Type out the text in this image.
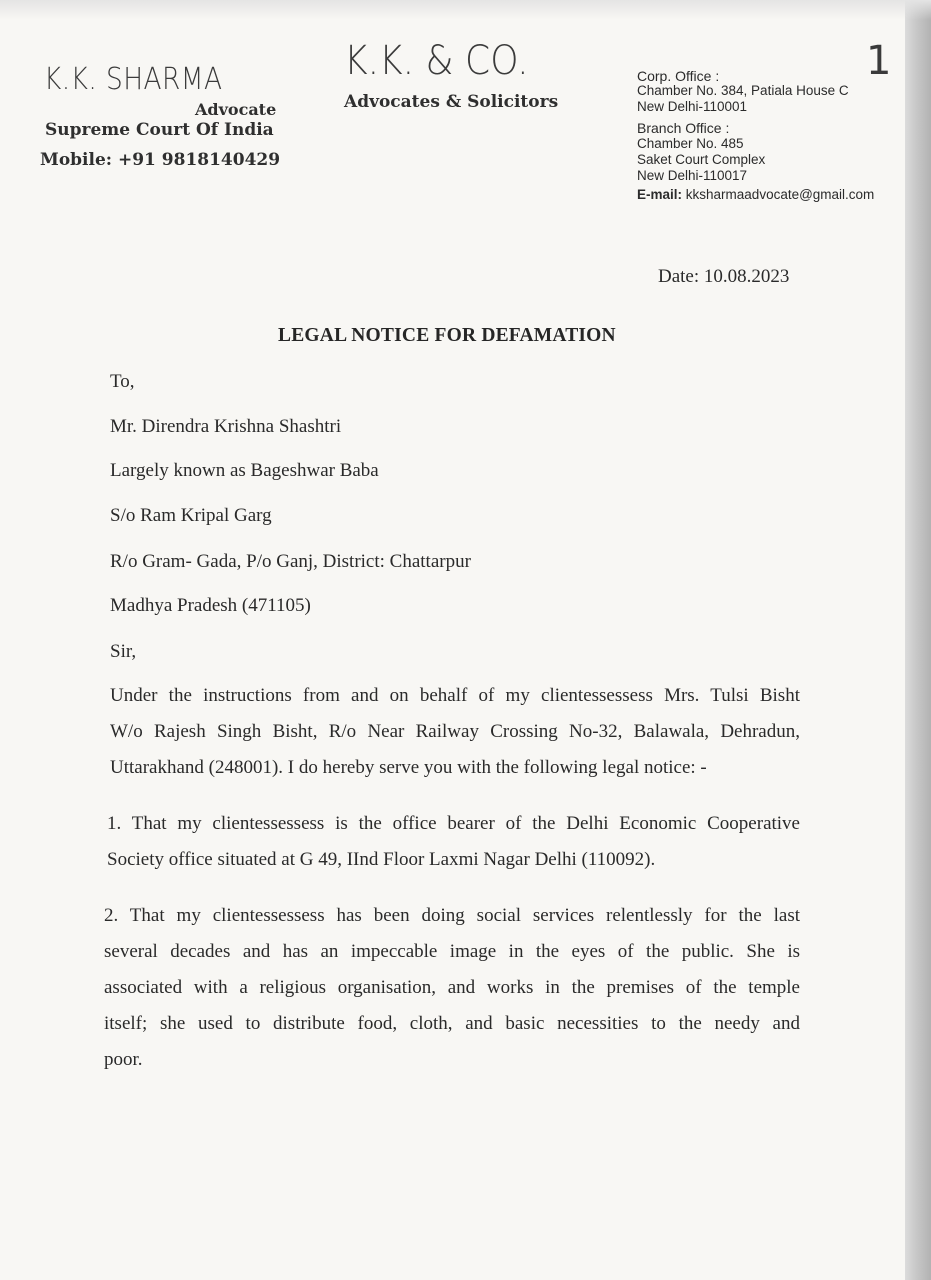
K.K. SHARMA
Advocate
Supreme Court Of India
Mobile: +91 9818140429
K.K. & CO.
Advocates & Solicitors
Corp. Office :
Chamber No. 384, Patiala House C
New Delhi-110001
Branch Office :
Chamber No. 485
Saket Court Complex
New Delhi-110017
E-mail: kksharmaadvocate@gmail.com
1
Date: 10.08.2023
LEGAL NOTICE FOR DEFAMATION
To,
Mr. Direndra Krishna Shashtri
Largely known as Bageshwar Baba
S/o Ram Kripal Garg
R/o Gram- Gada, P/o Ganj, District: Chattarpur
Madhya Pradesh (471105)
Sir,
Under the instructions from and on behalf of my clientessessess Mrs. Tulsi Bisht
W/o Rajesh Singh Bisht, R/o Near Railway Crossing No-32, Balawala, Dehradun,
Uttarakhand (248001). I do hereby serve you with the following legal notice: -
1. That my clientessessess is the office bearer of the Delhi Economic Cooperative
Society office situated at G 49, IInd Floor Laxmi Nagar Delhi (110092).
2. That my clientessessess has been doing social services relentlessly for the last
several decades and has an impeccable image in the eyes of the public. She is
associated with a religious organisation, and works in the premises of the temple
itself; she used to distribute food, cloth, and basic necessities to the needy and
poor.
